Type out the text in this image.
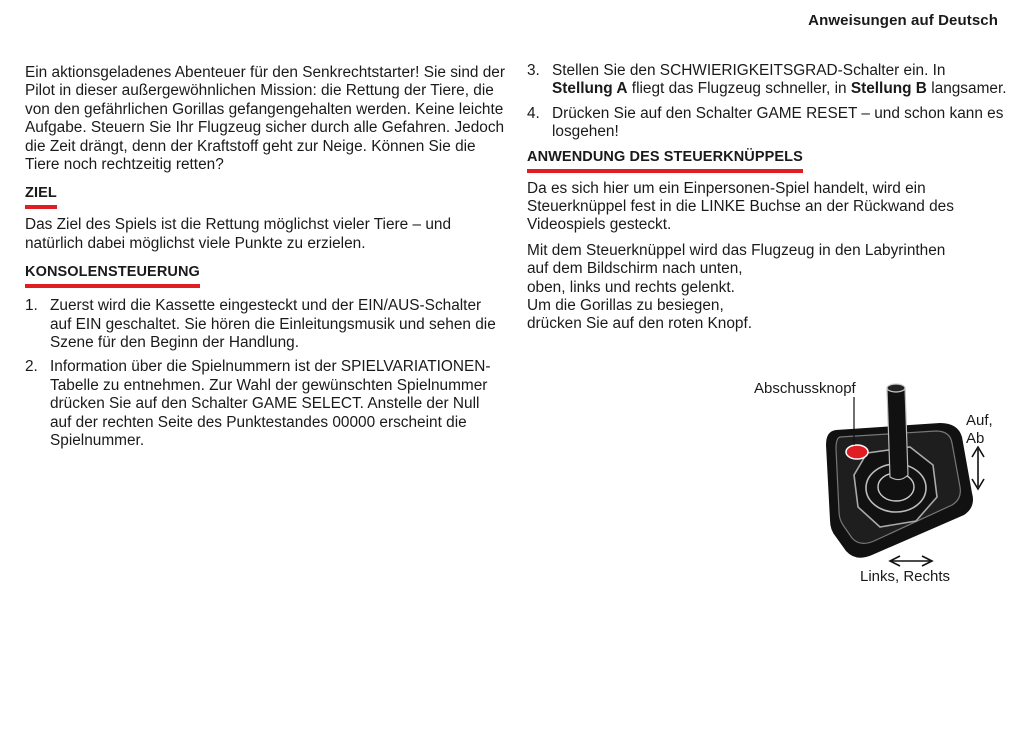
Anweisungen auf Deutsch

Ein aktionsgeladenes Abenteuer für den Senkrechtstarter! Sie sind der Pilot in dieser außergewöhnlichen Mission: die Rettung der Tiere, die von den gefährlichen Gorillas gefangengehalten werden. Keine leichte Aufgabe. Steuern Sie Ihr Flugzeug sicher durch alle Gefahren. Jedoch die Zeit drängt, denn der Kraftstoff geht zur Neige. Können Sie die Tiere noch rechtzeitig retten?

ZIEL

Das Ziel des Spiels ist die Rettung möglichst vieler Tiere – und natürlich dabei möglichst viele Punkte zu erzielen.

KONSOLENSTEUERUNG
1. Zuerst wird die Kassette eingesteckt und der EIN/AUS-Schalter auf EIN geschaltet. Sie hören die Einleitungsmusik und sehen die Szene für den Beginn der Handlung.
2. Information über die Spielnummern ist der SPIELVARIATIONEN-Tabelle zu entnehmen. Zur Wahl der gewünschten Spielnummer drücken Sie auf den Schalter GAME SELECT. Anstelle der Null auf der rechten Seite des Punktestandes 00000 erscheint die Spielnummer.
3. Stellen Sie den SCHWIERIGKEITSGRAD-Schalter ein. In Stellung A fliegt das Flugzeug schneller, in Stellung B langsamer.
4. Drücken Sie auf den Schalter GAME RESET – und schon kann es losgehen!
ANWENDUNG DES STEUERKNÜPPELS

Da es sich hier um ein Einpersonen-Spiel handelt, wird ein Steuerknüppel fest in die LINKE Buchse an der Rückwand des Videospiels gesteckt.

Mit dem Steuerknüppel wird das Flugzeug in den Labyrinthen
auf dem Bildschirm nach unten,
oben, links und rechts gelenkt.
Um die Gorillas zu besiegen,
drücken Sie auf den roten Knopf.
Abschussknopf
Auf,
Ab
Links, Rechts
